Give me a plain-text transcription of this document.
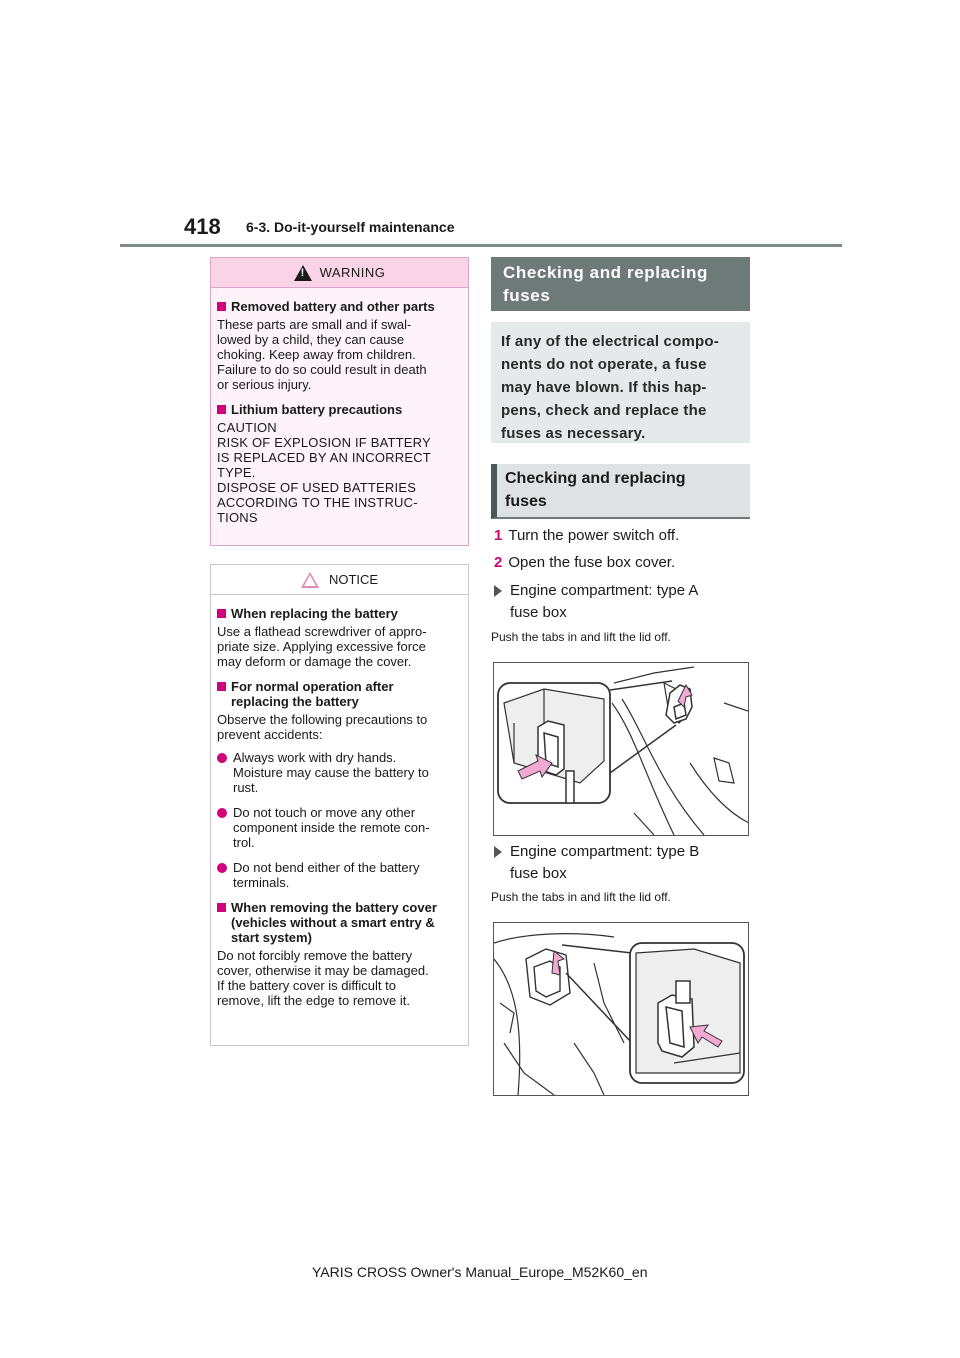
418 6-3. Do-it-yourself maintenance
!
WARNING
Removed battery and other parts
These parts are small and if swal-
lowed by a child, they can cause
choking. Keep away from children.
Failure to do so could result in death
or serious injury.
Lithium battery precautions
CAUTION
RISK OF EXPLOSION IF BATTERY
IS REPLACED BY AN INCORRECT
TYPE.
DISPOSE OF USED BATTERIES
ACCORDING TO THE INSTRUC-
TIONS
NOTICE
When replacing the battery
Use a flathead screwdriver of appro-
priate size. Applying excessive force
may deform or damage the cover.
For normal operation after
replacing the battery
Observe the following precautions to
prevent accidents:
Always work with dry hands.
Moisture may cause the battery to
rust.
Do not touch or move any other
component inside the remote con-
trol.
Do not bend either of the battery
terminals.
When removing the battery cover
(vehicles without a smart entry &
start system)
Do not forcibly remove the battery
cover, otherwise it may be damaged.
If the battery cover is difficult to
remove, lift the edge to remove it.
Checking and replacing
fuses
If any of the electrical compo-
nents do not operate, a fuse
may have blown. If this hap-
pens, check and replace the
fuses as necessary.
Checking and replacing
fuses
1 Turn the power switch off.
2 Open the fuse box cover.
Engine compartment: type A
fuse box
Push the tabs in and lift the lid off.
Engine compartment: type B
fuse box
Push the tabs in and lift the lid off.
YARIS CROSS Owner's Manual_Europe_M52K60_en
